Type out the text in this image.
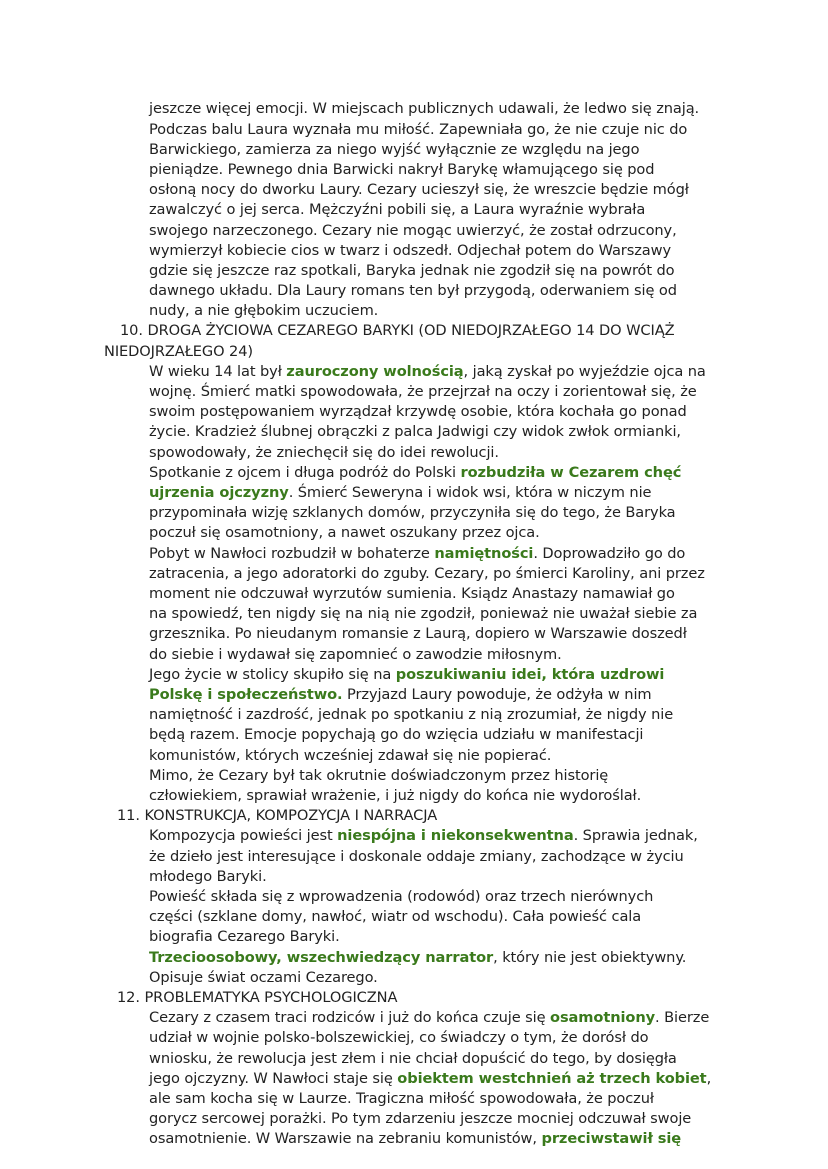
jeszcze więcej emocji. W miejscach publicznych udawali, że ledwo się znają.
Podczas balu Laura wyznała mu miłość. Zapewniała go, że nie czuje nic do
Barwickiego, zamierza za niego wyjść wyłącznie ze względu na jego
pieniądze. Pewnego dnia Barwicki nakrył Barykę włamującego się pod
osłoną nocy do dworku Laury. Cezary ucieszył się, że wreszcie będzie mógł
zawalczyć o jej serca. Mężczyźni pobili się, a Laura wyraźnie wybrała
swojego narzeczonego. Cezary nie mogąc uwierzyć, że został odrzucony,
wymierzył kobiecie cios w twarz i odszedł. Odjechał potem do Warszawy
gdzie się jeszcze raz spotkali, Baryka jednak nie zgodził się na powrót do
dawnego układu. Dla Laury romans ten był przygodą, oderwaniem się od
nudy, a nie głębokim uczuciem.
10. DROGA ŻYCIOWA CEZAREGO BARYKI (OD NIEDOJRZAŁEGO 14 DO WCIĄŻ
NIEDOJRZAŁEGO 24)
W wieku 14 lat był zauroczony wolnością, jaką zyskał po wyjeździe ojca na
wojnę. Śmierć matki spowodowała, że przejrzał na oczy i zorientował się, że
swoim postępowaniem wyrządzał krzywdę osobie, która kochała go ponad
życie. Kradzież ślubnej obrączki z palca Jadwigi czy widok zwłok ormianki,
spowodowały, że zniechęcił się do idei rewolucji.
Spotkanie z ojcem i długa podróż do Polski rozbudziła w Cezarem chęć
ujrzenia ojczyzny. Śmierć Seweryna i widok wsi, która w niczym nie
przypominała wizję szklanych domów, przyczyniła się do tego, że Baryka
poczuł się osamotniony, a nawet oszukany przez ojca.
Pobyt w Nawłoci rozbudził w bohaterze namiętności. Doprowadziło go do
zatracenia, a jego adoratorki do zguby. Cezary, po śmierci Karoliny, ani przez
moment nie odczuwał wyrzutów sumienia. Ksiądz Anastazy namawiał go
na spowiedź, ten nigdy się na nią nie zgodził, ponieważ nie uważał siebie za
grzesznika. Po nieudanym romansie z Laurą, dopiero w Warszawie doszedł
do siebie i wydawał się zapomnieć o zawodzie miłosnym.
Jego życie w stolicy skupiło się na poszukiwaniu idei, która uzdrowi
Polskę i społeczeństwo. Przyjazd Laury powoduje, że odżyła w nim
namiętność i zazdrość, jednak po spotkaniu z nią zrozumiał, że nigdy nie
będą razem. Emocje popychają go do wzięcia udziału w manifestacji
komunistów, których wcześniej zdawał się nie popierać.
Mimo, że Cezary był tak okrutnie doświadczonym przez historię
człowiekiem, sprawiał wrażenie, i już nigdy do końca nie wydoroślał.
11. KONSTRUKCJA, KOMPOZYCJA I NARRACJA
Kompozycja powieści jest niespójna i niekonsekwentna. Sprawia jednak,
że dzieło jest interesujące i doskonale oddaje zmiany, zachodzące w życiu
młodego Baryki.
Powieść składa się z wprowadzenia (rodowód) oraz trzech nierównych
części (szklane domy, nawłoć, wiatr od wschodu). Cała powieść cala
biografia Cezarego Baryki.
Trzecioosobowy, wszechwiedzący narrator, który nie jest obiektywny.
Opisuje świat oczami Cezarego.
12. PROBLEMATYKA PSYCHOLOGICZNA
Cezary z czasem traci rodziców i już do końca czuje się osamotniony. Bierze
udział w wojnie polsko-bolszewickiej, co świadczy o tym, że dorósł do
wniosku, że rewolucja jest złem i nie chciał dopuścić do tego, by dosięgła
jego ojczyzny. W Nawłoci staje się obiektem westchnień aż trzech kobiet,
ale sam kocha się w Laurze. Tragiczna miłość spowodowała, że poczuł
gorycz sercowej porażki. Po tym zdarzeniu jeszcze mocniej odczuwał swoje
osamotnienie. W Warszawie na zebraniu komunistów, przeciwstawił się
